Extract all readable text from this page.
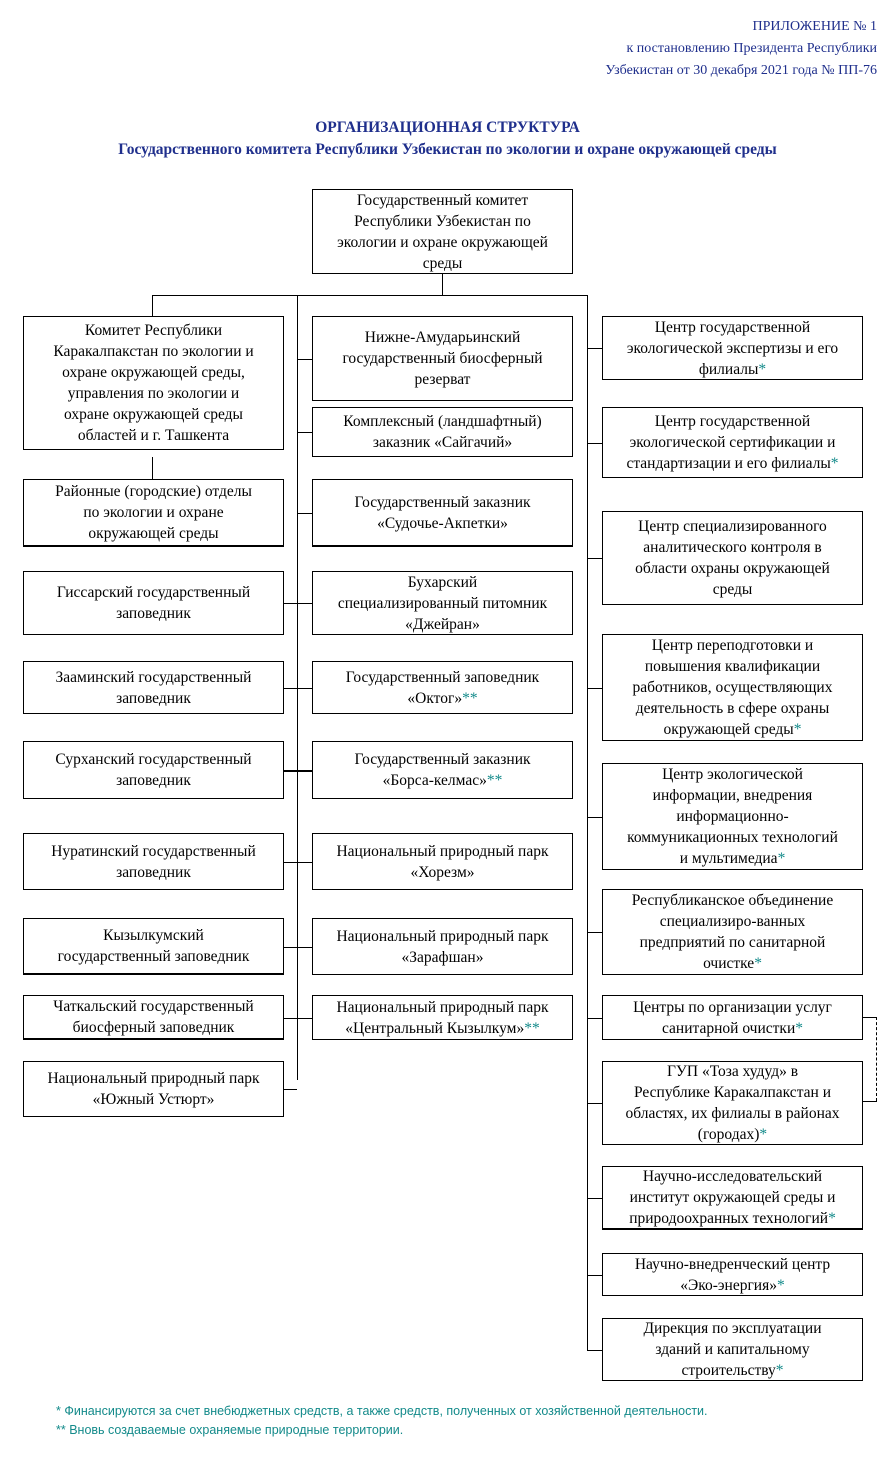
ПРИЛОЖЕНИЕ № 1
к постановлению Президента Республики
Узбекистан от 30 декабря 2021 года № ПП-76
ОРГАНИЗАЦИОННАЯ СТРУКТУРА
Государственного комитета Республики Узбекистан по экологии и охране окружающей среды
Государственный комитет
Республики Узбекистан по
экологии и охране окружающей
среды
Комитет Республики
Каракалпакстан по экологии и
охране окружающей среды,
управления по экологии и
охране окружающей среды
областей и г. Ташкента
Районные (городские) отделы
по экологии и охране
окружающей среды
Гиссарский государственный
заповедник
Зааминский государственный
заповедник
Сурханский государственный
заповедник
Нуратинский государственный
заповедник
Кызылкумский
государственный заповедник
Чаткальский государственный
биосферный заповедник
Национальный природный парк
«Южный Устюрт»
Нижне-Амударьинский
государственный биосферный
резерват
Комплексный (ландшафтный)
заказник «Сайгачий»
Государственный заказник
«Судочье-Акпетки»
Бухарский
специализированный питомник
«Джейран»
Государственный заповедник
«Октог»**
Государственный заказник
«Борса-келмас»**
Национальный природный парк
«Хорезм»
Национальный природный парк
«Зарафшан»
Национальный природный парк
«Центральный Кызылкум»**
Центр государственной
экологической экспертизы и его
филиалы*
Центр государственной
экологической сертификации и
стандартизации и его филиалы*
Центр специализированного
аналитического контроля в
области охраны окружающей
среды
Центр переподготовки и
повышения квалификации
работников, осуществляющих
деятельность в сфере охраны
окружающей среды*
Центр экологической
информации, внедрения
информационно-
коммуникационных технологий
и мультимедиа*
Республиканское объединение
специализиро-ванных
предприятий по санитарной
очистке*
Центры по организации услуг
санитарной очистки*
ГУП «Тоза худуд» в
Республике Каракалпакстан и
областях, их филиалы в районах
(городах)*
Научно-исследовательский
институт окружающей среды и
природоохранных технологий*
Научно-внедренческий центр
«Эко-энергия»*
Дирекция по эксплуатации
зданий и капитальному
строительству*
* Финансируются за счет внебюджетных средств, а также средств, полученных от хозяйственной деятельности.
** Вновь создаваемые охраняемые природные территории.
